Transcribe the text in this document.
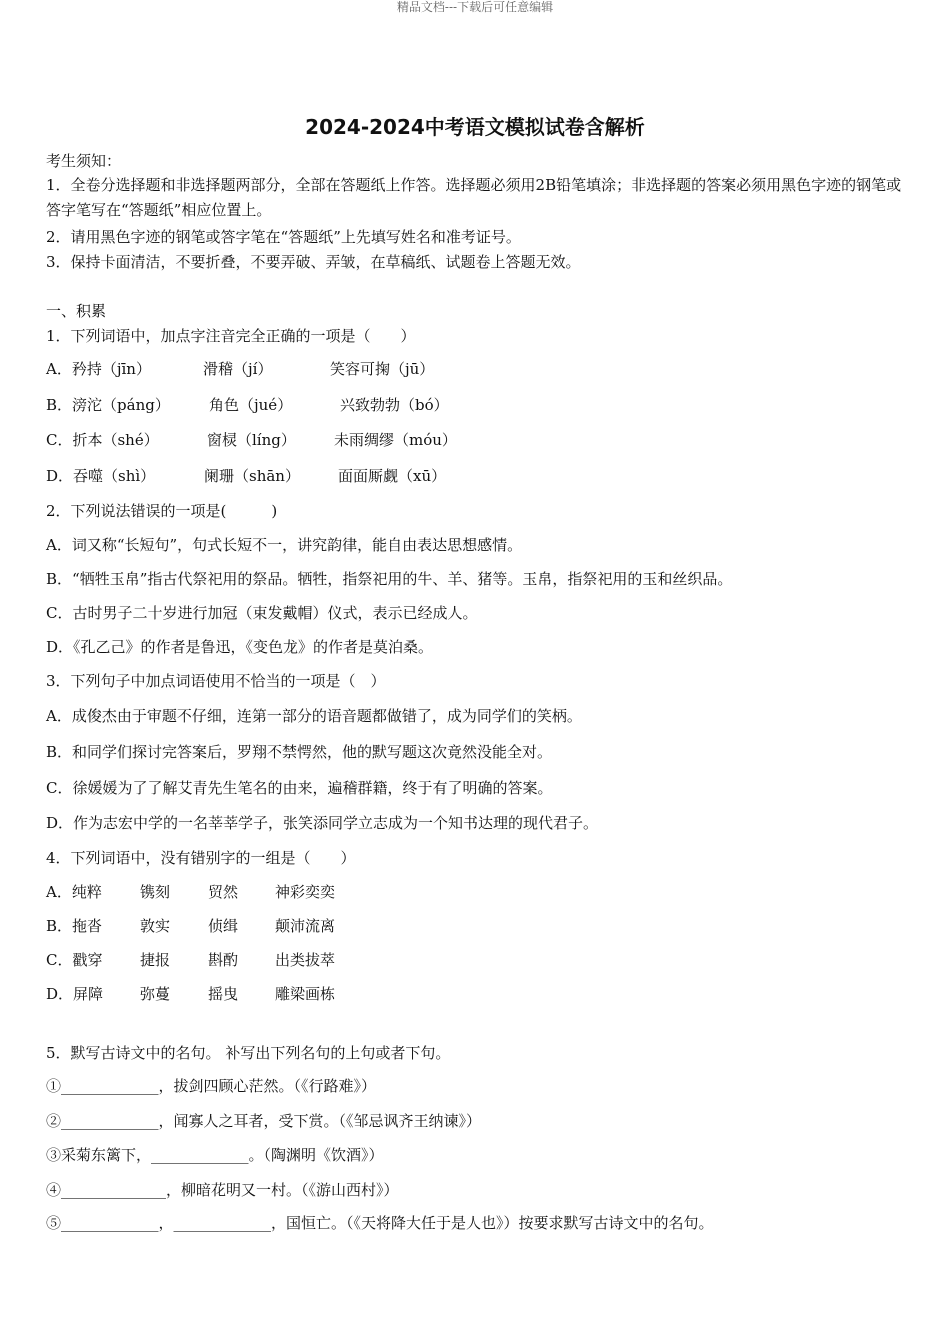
精品文档---下载后可任意编辑
2024-2024中考语文模拟试卷含解析
考生须知：
1．全卷分选择题和非选择题两部分，全部在答题纸上作答。选择题必须用2B铅笔填涂；非选择题的答案必须用黑色字迹的钢笔或答字笔写在“答题纸”相应位置上。
2．请用黑色字迹的钢笔或答字笔在“答题纸”上先填写姓名和准考证号。
3．保持卡面清洁，不要折叠，不要弄破、弄皱，在草稿纸、试题卷上答题无效。
一、积累
1．下列词语中，加点字注音完全正确的一项是（　　）
A．矜持（jīn）	滑稽（jí）	笑容可掬（jū）
B．滂沱（páng）	角色（jué）	兴致勃勃（bó）
C．折本（shé）	窗棂（líng）	未雨绸缪（móu）
D．吞噬（shì）	阑珊（shān）	面面厮觑（xū）
2．下列说法错误的一项是(　　　)
A．词又称“长短句”，句式长短不一，讲究韵律，能自由表达思想感情。
B．“牺牲玉帛”指古代祭祀用的祭品。牺牲，指祭祀用的牛、羊、猪等。玉帛，指祭祀用的玉和丝织品。
C．古时男子二十岁进行加冠（束发戴帽）仪式，表示已经成人。
D．《孔乙己》的作者是鲁迅，《变色龙》的作者是莫泊桑。
3．下列句子中加点词语使用不恰当的一项是（　）
A．成俊杰由于审题不仔细，连第一部分的语音题都做错了，成为同学们的笑柄。
B．和同学们探讨完答案后，罗翔不禁愕然，他的默写题这次竟然没能全对。
C．徐媛媛为了了解艾青先生笔名的由来，遍稽群籍，终于有了明确的答案。
D．作为志宏中学的一名莘莘学子，张笑添同学立志成为一个知书达理的现代君子。
4．下列词语中，没有错别字的一组是（　　）
A．纯粹	镌刻	贸然 神彩奕奕
B．拖沓	敦实	侦缉 颠沛流离
C．戳穿	捷报	斟酌 出类拔萃
D．屏障 弥蔓	摇曳 雕梁画栋
5．默写古诗文中的名句。 补写出下列名句的上句或者下句。
①_____________，拔剑四顾心茫然。（《行路难》）
②_____________，闻寡人之耳者，受下赏。（《邹忌讽齐王纳谏》）
③采菊东篱下，_____________。（陶渊明《饮酒》）
④______________，柳暗花明又一村。（《游山西村》）
⑤_____________，_____________，国恒亡。（《天将降大任于是人也》）按要求默写古诗文中的名句。
